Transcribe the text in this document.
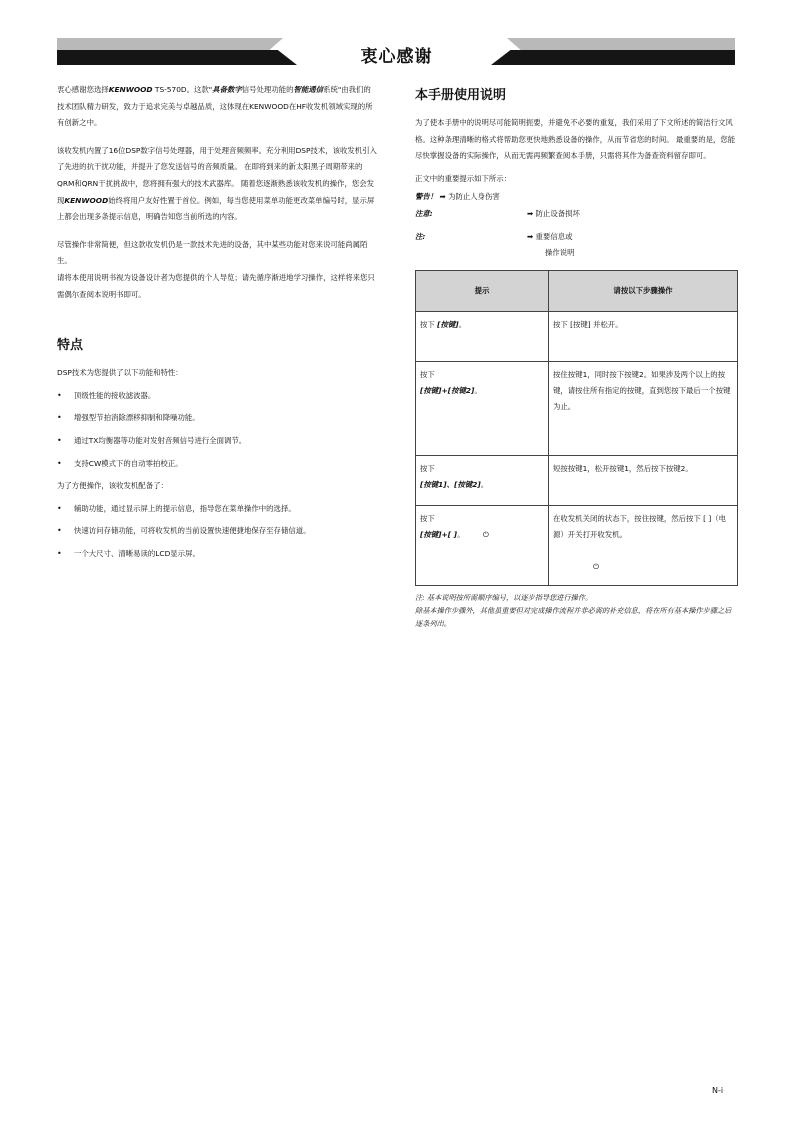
衷心感谢

衷心感谢您选择KENWOOD TS-570D。这款"具备数字信号处理功能的智能通信系统"由我们的技术团队精力研发，致力于追求完美与卓越品质，这体现在KENWOOD在HF收发机领域实现的所有创新之中。

该收发机内置了16位DSP数字信号处理器，用于处理音频频率。充分利用DSP技术，该收发机引入了先进的抗干扰功能，并提升了您发送信号的音频质量。 在即将到来的新太阳黑子周期带来的QRM和QRN干扰挑战中，您将拥有强大的技术武器库。 随着您逐渐熟悉该收发机的操作，您会发现KENWOOD始终将用户友好性置于首位。例如，每当您使用菜单功能更改菜单编号时，显示屏上都会出现多条提示信息，明确告知您当前所选的内容。

尽管操作非常简便，但这款收发机仍是一款技术先进的设备，其中某些功能对您来说可能尚属陌生。

请将本使用说明书视为设备设计者为您提供的个人导览；请先循序渐进地学习操作，这样将来您只需偶尔查阅本说明书即可。

特点

DSP技术为您提供了以下功能和特性：

• 顶级性能的接收滤波器。
• 增强型节拍消除漂移抑制和降噪功能。
• 通过TX均衡器等功能对发射音频信号进行全面调节。
• 支持CW模式下的自动零拍校正。

为了方便操作，该收发机配备了：

• 辅助功能，通过显示屏上的提示信息，指导您在菜单操作中的选择。
• 快速访问存储功能，可将收发机的当前设置快速便捷地保存至存储信道。
• 一个大尺寸、清晰易读的LCD显示屏。
本手册使用说明

为了使本手册中的说明尽可能简明扼要，并避免不必要的重复，我们采用了下文所述的简洁行文风格。这种条理清晰的格式将帮助您更快地熟悉设备的操作，从而节省您的时间。 最重要的是，您能尽快掌握设备的实际操作，从而无需再频繁查阅本手册，只需将其作为备查资料留存即可。

正文中的重要提示如下所示：

警告！ ➡ 为防止人身伤害

注意:	➡ 防止设备损坏
注:	➡ 重要信息或
操作说明
提示	请按以下步骤操作
按下 [按键]。	按下 [按键] 并松开。
按下
[按键]+[按键2]。	按住按键1，同时按下按键2。如果涉及两个以上的按键，请按住所有指定的按键，直到您按下最后一个按键为止。
按下
[按键1]、[按键2]。	短按按键1，松开按键1，然后按下按键2。
按下
[按键]+[ ]。 ⏻	在收发机关闭的状态下，按住按键，然后按下 [ ]（电源）开关打开收发机。

⏻
注: 基本说明按所需顺序编号，以逐步指导您进行操作。
除基本操作步骤外，其他虽重要但对完成操作流程并非必需的补充信息，将在所有基本操作步骤之后逐条列出。
N-i
